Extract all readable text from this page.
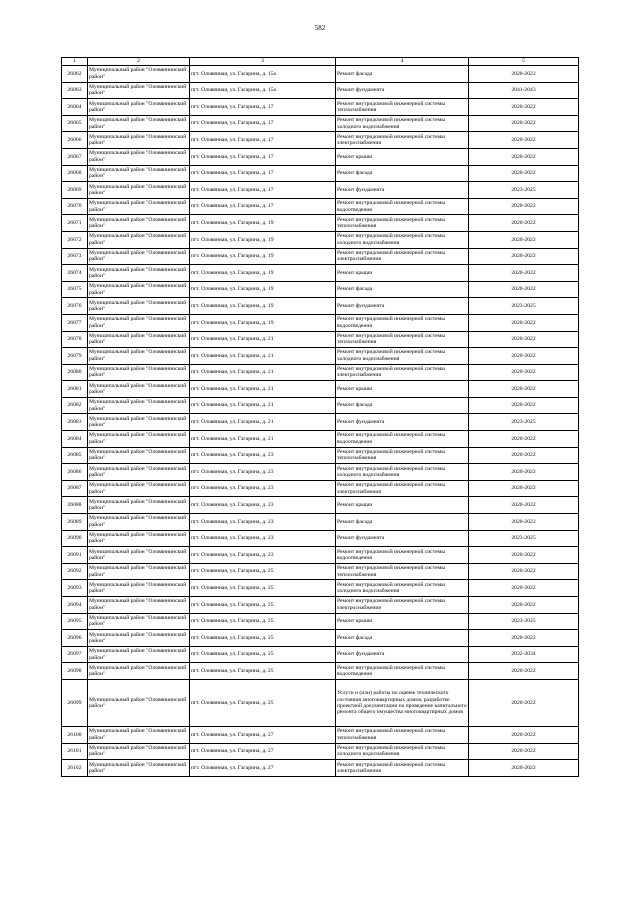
582
1	2	3	4	5
26062	Муниципальный район "Оловяннинский район"	пгт. Оловянная, ул. Гагарина, д. 15а	Ремонт фасада	2020-2022
26063	Муниципальный район "Оловяннинский район"	пгт. Оловянная, ул. Гагарина, д. 15а	Ремонт фундамента	2041-2043
26064	Муниципальный район "Оловяннинский район"	пгт. Оловянная, ул. Гагарина, д. 17	Ремонт внутридомовой инженерной системы теплоснабжения	2020-2022
26065	Муниципальный район "Оловяннинский район"	пгт. Оловянная, ул. Гагарина, д. 17	Ремонт внутридомовой инженерной системы холодного водоснабжения	2020-2022
26066	Муниципальный район "Оловяннинский район"	пгт. Оловянная, ул. Гагарина, д. 17	Ремонт внутридомовой инженерной системы электроснабжения	2020-2022
26067	Муниципальный район "Оловяннинский район"	пгт. Оловянная, ул. Гагарина, д. 17	Ремонт крыши	2020-2022
26068	Муниципальный район "Оловяннинский район"	пгт. Оловянная, ул. Гагарина, д. 17	Ремонт фасада	2020-2022
26069	Муниципальный район "Оловяннинский район"	пгт. Оловянная, ул. Гагарина, д. 17	Ремонт фундамента	2023-2025
26070	Муниципальный район "Оловяннинский район"	пгт. Оловянная, ул. Гагарина, д. 17	Ремонт внутридомовой инженерной системы водоотведения	2020-2022
26071	Муниципальный район "Оловяннинский район"	пгт. Оловянная, ул. Гагарина, д. 19	Ремонт внутридомовой инженерной системы теплоснабжения	2020-2022
26072	Муниципальный район "Оловяннинский район"	пгт. Оловянная, ул. Гагарина, д. 19	Ремонт внутридомовой инженерной системы холодного водоснабжения	2020-2022
26073	Муниципальный район "Оловяннинский район"	пгт. Оловянная, ул. Гагарина, д. 19	Ремонт внутридомовой инженерной системы электроснабжения	2020-2022
26074	Муниципальный район "Оловяннинский район"	пгт. Оловянная, ул. Гагарина, д. 19	Ремонт крыши	2020-2022
26075	Муниципальный район "Оловяннинский район"	пгт. Оловянная, ул. Гагарина, д. 19	Ремонт фасада	2020-2022
26076	Муниципальный район "Оловяннинский район"	пгт. Оловянная, ул. Гагарина, д. 19	Ремонт фундамента	2023-2025
26077	Муниципальный район "Оловяннинский район"	пгт. Оловянная, ул. Гагарина, д. 19	Ремонт внутридомовой инженерной системы водоотведения	2020-2022
26078	Муниципальный район "Оловяннинский район"	пгт. Оловянная, ул. Гагарина, д. 21	Ремонт внутридомовой инженерной системы теплоснабжения	2020-2022
26079	Муниципальный район "Оловяннинский район"	пгт. Оловянная, ул. Гагарина, д. 21	Ремонт внутридомовой инженерной системы холодного водоснабжения	2020-2022
26080	Муниципальный район "Оловяннинский район"	пгт. Оловянная, ул. Гагарина, д. 21	Ремонт внутридомовой инженерной системы электроснабжения	2020-2022
26081	Муниципальный район "Оловяннинский район"	пгт. Оловянная, ул. Гагарина, д. 21	Ремонт крыши	2020-2022
26082	Муниципальный район "Оловяннинский район"	пгт. Оловянная, ул. Гагарина, д. 21	Ремонт фасада	2020-2022
26083	Муниципальный район "Оловяннинский район"	пгт. Оловянная, ул. Гагарина, д. 21	Ремонт фундамента	2023-2025
26084	Муниципальный район "Оловяннинский район"	пгт. Оловянная, ул. Гагарина, д. 21	Ремонт внутридомовой инженерной системы водоотведения	2020-2022
26085	Муниципальный район "Оловяннинский район"	пгт. Оловянная, ул. Гагарина, д. 23	Ремонт внутридомовой инженерной системы теплоснабжения	2020-2022
26086	Муниципальный район "Оловяннинский район"	пгт. Оловянная, ул. Гагарина, д. 23	Ремонт внутридомовой инженерной системы холодного водоснабжения	2020-2022
26087	Муниципальный район "Оловяннинский район"	пгт. Оловянная, ул. Гагарина, д. 23	Ремонт внутридомовой инженерной системы электроснабжения	2020-2022
26088	Муниципальный район "Оловяннинский район"	пгт. Оловянная, ул. Гагарина, д. 23	Ремонт крыши	2020-2022
26089	Муниципальный район "Оловяннинский район"	пгт. Оловянная, ул. Гагарина, д. 23	Ремонт фасада	2020-2022
26090	Муниципальный район "Оловяннинский район"	пгт. Оловянная, ул. Гагарина, д. 23	Ремонт фундамента	2023-2025
26091	Муниципальный район "Оловяннинский район"	пгт. Оловянная, ул. Гагарина, д. 23	Ремонт внутридомовой инженерной системы водоотведения	2020-2022
26092	Муниципальный район "Оловяннинский район"	пгт. Оловянная, ул. Гагарина, д. 25	Ремонт внутридомовой инженерной системы теплоснабжения	2020-2022
26093	Муниципальный район "Оловяннинский район"	пгт. Оловянная, ул. Гагарина, д. 25	Ремонт внутридомовой инженерной системы холодного водоснабжения	2020-2022
26094	Муниципальный район "Оловяннинский район"	пгт. Оловянная, ул. Гагарина, д. 25	Ремонт внутридомовой инженерной системы электроснабжения	2020-2022
26095	Муниципальный район "Оловяннинский район"	пгт. Оловянная, ул. Гагарина, д. 25	Ремонт крыши	2023-2025
26096	Муниципальный район "Оловяннинский район"	пгт. Оловянная, ул. Гагарина, д. 25	Ремонт фасада	2020-2022
26097	Муниципальный район "Оловяннинский район"	пгт. Оловянная, ул. Гагарина, д. 25	Ремонт фундамента	2032-2034
26098	Муниципальный район "Оловяннинский район"	пгт. Оловянная, ул. Гагарина, д. 25	Ремонт внутридомовой инженерной системы водоотведения	2020-2022
26099	Муниципальный район "Оловяннинский район"	пгт. Оловянная, ул. Гагарина, д. 25	Услуги и (или) работы по оценке технического состояния многоквартирных домов, разработке проектной документации на проведение капитального ремонта общего имущества многоквартирных домов	2020-2022
26100	Муниципальный район "Оловяннинский район"	пгт. Оловянная, ул. Гагарина, д. 27	Ремонт внутридомовой инженерной системы теплоснабжения	2020-2022
26101	Муниципальный район "Оловяннинский район"	пгт. Оловянная, ул. Гагарина, д. 27	Ремонт внутридомовой инженерной системы холодного водоснабжения	2020-2022
26102	Муниципальный район "Оловяннинский район"	пгт. Оловянная, ул. Гагарина, д. 27	Ремонт внутридомовой инженерной системы электроснабжения	2020-2022
